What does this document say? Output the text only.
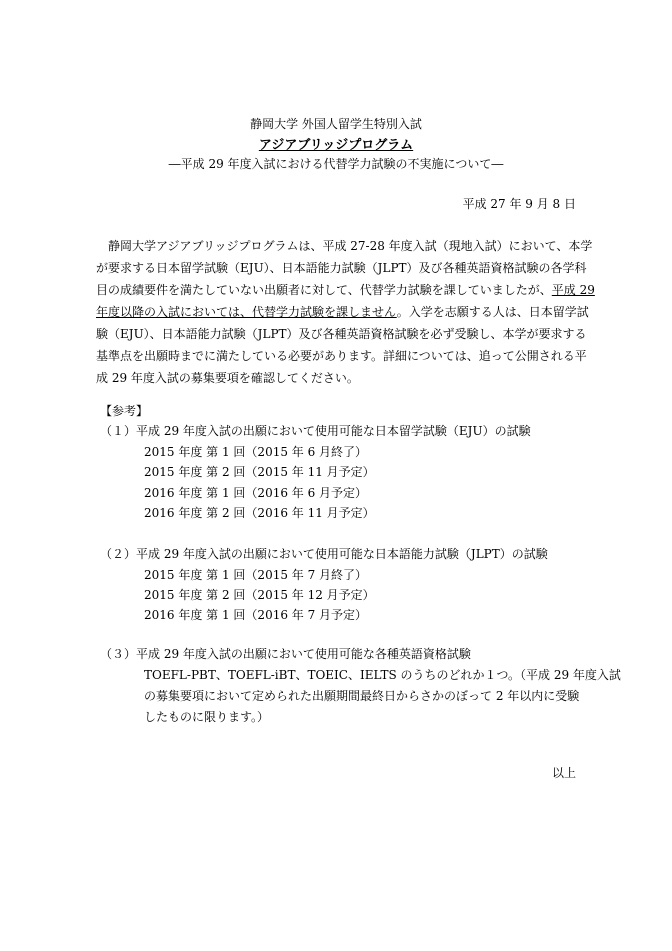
静岡大学 外国人留学生特別入試
アジアブリッジプログラム
―平成 29 年度入試における代替学力試験の不実施について―
平成 27 年 9 月 8 日
　静岡大学アジアブリッジプログラムは、平成 27-28 年度入試（現地入試）において、本学
が要求する日本留学試験（EJU）、日本語能力試験（JLPT）及び各種英語資格試験の各学科
目の成績要件を満たしていない出願者に対して、代替学力試験を課していましたが、平成 29
年度以降の入試においては、代替学力試験を課しません。入学を志願する人は、日本留学試
験（EJU）、日本語能力試験（JLPT）及び各種英語資格試験を必ず受験し、本学が要求する
基準点を出願時までに満たしている必要があります。詳細については、追って公開される平
成 29 年度入試の募集要項を確認してください。
【参考】
（１）平成 29 年度入試の出願において使用可能な日本留学試験（EJU）の試験
2015 年度 第 1 回（2015 年 6 月終了）
2015 年度 第 2 回（2015 年 11 月予定）
2016 年度 第 1 回（2016 年 6 月予定）
2016 年度 第 2 回（2016 年 11 月予定）
（２）平成 29 年度入試の出願において使用可能な日本語能力試験（JLPT）の試験
2015 年度 第 1 回（2015 年 7 月終了）
2015 年度 第 2 回（2015 年 12 月予定）
2016 年度 第 1 回（2016 年 7 月予定）
（３）平成 29 年度入試の出願において使用可能な各種英語資格試験
TOEFL-PBT、TOEFL-iBT、TOEIC、IELTS のうちのどれか１つ。（平成 29 年度入試
の募集要項において定められた出願期間最終日からさかのぼって 2 年以内に受験
したものに限ります。）
以上
